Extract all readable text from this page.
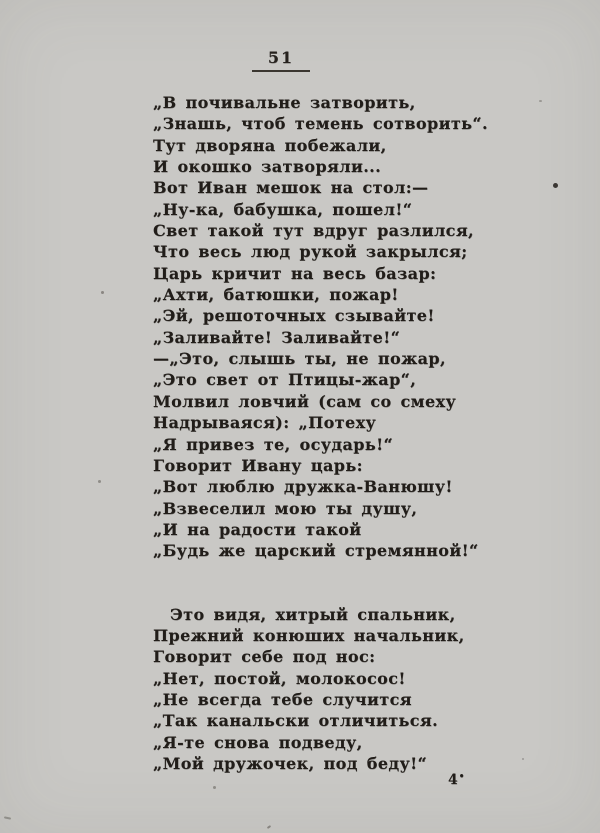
51
„В почивальне затворить,
„Знашь, чтоб темень сотворить“.
Тут дворяна побежали,
И окошко затворяли...
Вот Иван мешок на стол:—
„Ну-ка, бабушка, пошел!“
Свет такой тут вдруг разлился,
Что весь люд рукой закрылся;
Царь кричит на весь базар:
„Ахти, батюшки, пожар!
„Эй, решоточных сзывайте!
„Заливайте! Заливайте!“
—„Это, слышь ты, не пожар,
„Это свет от Птицы-жар“,
Молвил ловчий (сам со смеху
Надрываяся): „Потеху
„Я привез те, осударь!“
Говорит Ивану царь:
„Вот люблю дружка-Ванюшу!
„Взвеселил мою ты душу,
„И на радости такой
„Будь же царский стремянной!“
Это видя, хитрый спальник,
Прежний конюших начальник,
Говорит себе под нос:
„Нет, постой, молокосос!
„Не всегда тебе случится
„Так канальски отличиться.
„Я-те снова подведу,
„Мой дружочек, под беду!“
4•
